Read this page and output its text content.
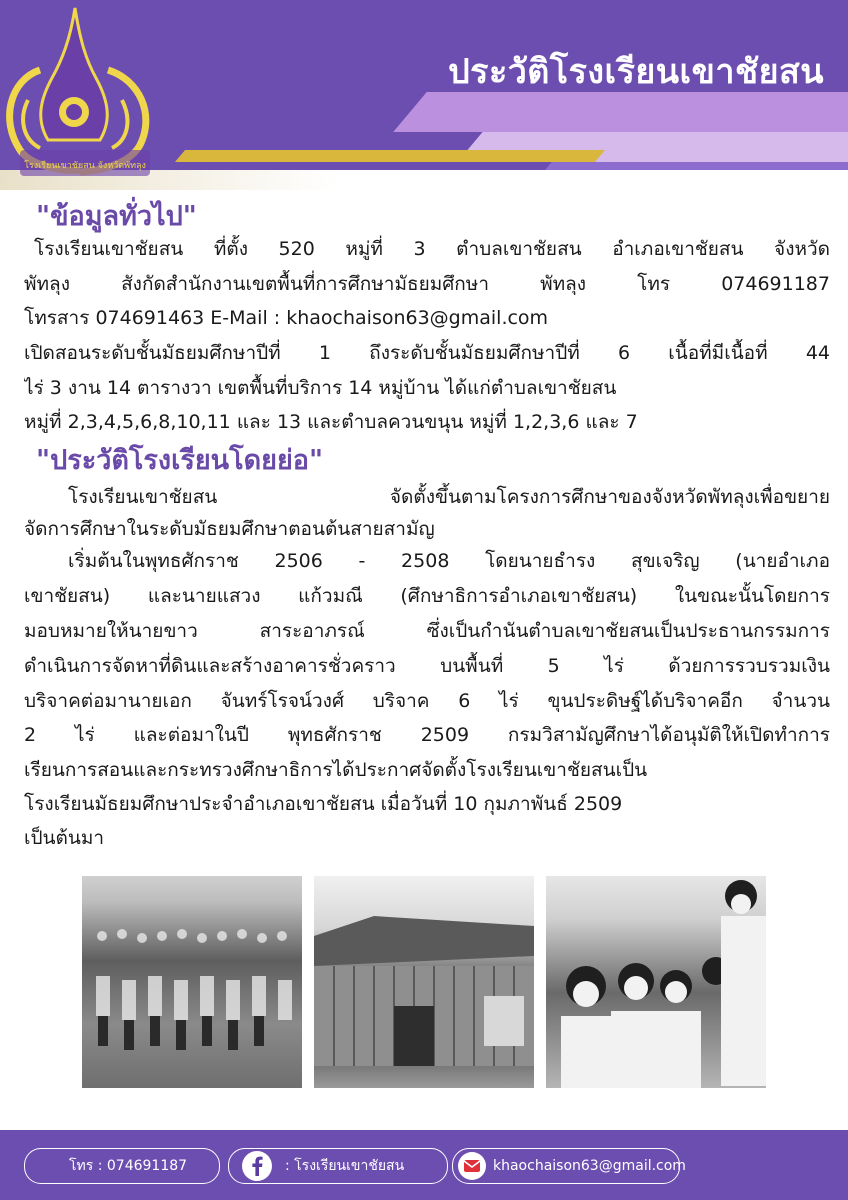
โรงเรียนเขาชัยสน จังหวัดพัทลุง
ประวัติโรงเรียนเขาชัยสน
"ข้อมูลทั่วไป"
โรงเรียนเขาชัยสน ที่ตั้ง 520 หมู่ที่ 3 ตำบลเขาชัยสน อำเภอเขาชัยสน จังหวัด
พัทลุง สังกัดสำนักงานเขตพื้นที่การศึกษามัธยมศึกษา พัทลุง โทร 074691187
โทรสาร 074691463 E-Mail : khaochaison63@gmail.com
เปิดสอนระดับชั้นมัธยมศึกษาปีที่ 1 ถึงระดับชั้นมัธยมศึกษาปีที่ 6 เนื้อที่มีเนื้อที่ 44
ไร่ 3 งาน 14 ตารางวา เขตพื้นที่บริการ 14 หมู่บ้าน ได้แก่ตำบลเขาชัยสน
หมู่ที่ 2,3,4,5,6,8,10,11 และ 13 และตำบลควนขนุน หมู่ที่ 1,2,3,6 และ 7
"ประวัติโรงเรียนโดยย่อ"
โรงเรียนเขาชัยสน จัดตั้งขึ้นตามโครงการศึกษาของจังหวัดพัทลุงเพื่อขยาย
จัดการศึกษาในระดับมัธยมศึกษาตอนต้นสายสามัญ
เริ่มต้นในพุทธศักราช 2506 - 2508 โดยนายธำรง สุขเจริญ (นายอำเภอ
เขาชัยสน) และนายแสวง แก้วมณี (ศึกษาธิการอำเภอเขาชัยสน) ในขณะนั้นโดยการ
มอบหมายให้นายขาว สาระอาภรณ์ ซึ่งเป็นกำนันตำบลเขาชัยสนเป็นประธานกรรมการ
ดำเนินการจัดหาที่ดินและสร้างอาคารชั่วคราว บนพื้นที่ 5 ไร่ ด้วยการรวบรวมเงิน
บริจาคต่อมานายเอก จันทร์โรจน์วงศ์ บริจาค 6 ไร่ ขุนประดิษฐ์ได้บริจาคอีก จำนวน
2 ไร่ และต่อมาในปี พุทธศักราช 2509 กรมวิสามัญศึกษาได้อนุมัติให้เปิดทำการ
เรียนการสอนและกระทรวงศึกษาธิการได้ประกาศจัดตั้งโรงเรียนเขาชัยสนเป็น
โรงเรียนมัธยมศึกษาประจำอำเภอเขาชัยสน เมื่อวันที่ 10 กุมภาพันธ์ 2509
เป็นต้นมา
โทร : 074691187	: โรงเรียนเขาชัยสน	khaochaison63@gmail.com
